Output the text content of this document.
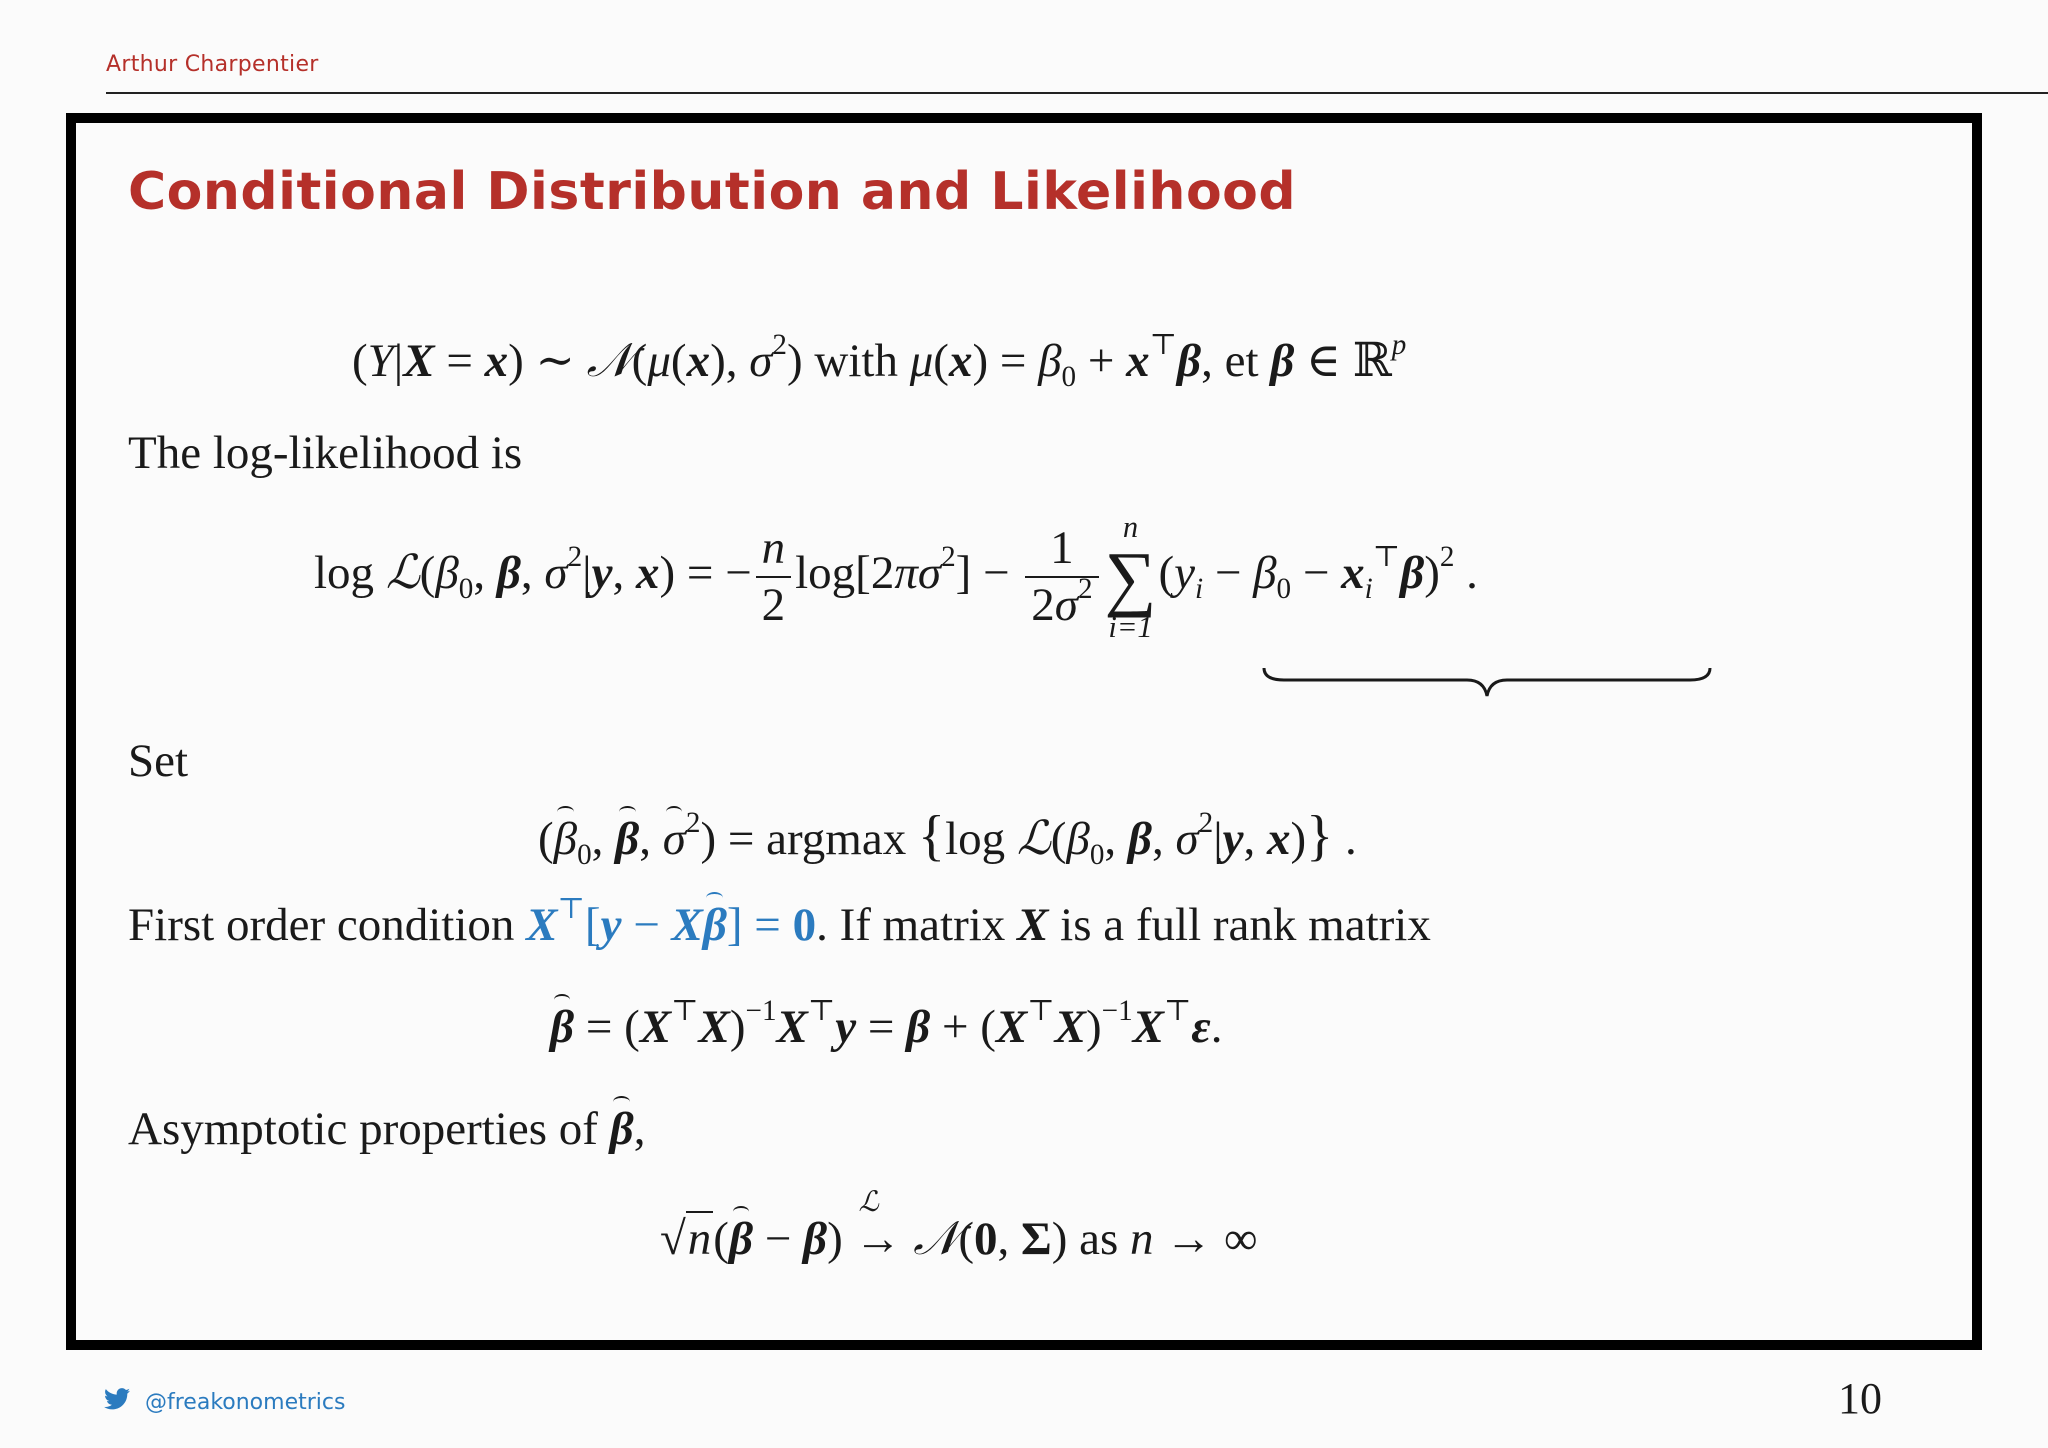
Arthur Charpentier
Conditional Distribution and Likelihood
(Y|X = x) ∼ 𝒩(μ(x), $\sigma^2$) with $\mu(x) = \beta_0 + x^⊤\beta$, et β ∈ ℝ$^p$
The log-likelihood is
$\log ℒ(\beta_0$, β, $\sigma^2|y$, x) = − $\frac{n}{2} \log[2\pi\sigma^2] - \frac{1}{2\sigma^2}$ n
∑
i=1
$(y_i - \beta_0 - x_i^⊤\beta)^2$ .
Set
($\beta_0$, β, $\sigma^2) = argmax$ {log $ℒ(\beta_0$, β, $\sigma^2|y$, x)} .
First order condition X⊤[y − Xβ] = 0. If matrix X is a full rank matrix
$\beta = (X^⊤X)^{-1}X^⊤y = \beta + (X^⊤X)^{-1}X^⊤\varepsilon$.
Asymptotic properties of β,
√n(β − β)
ℒ
→ 𝒩(0, Σ) as n → ∞
@freakonometrics	10
